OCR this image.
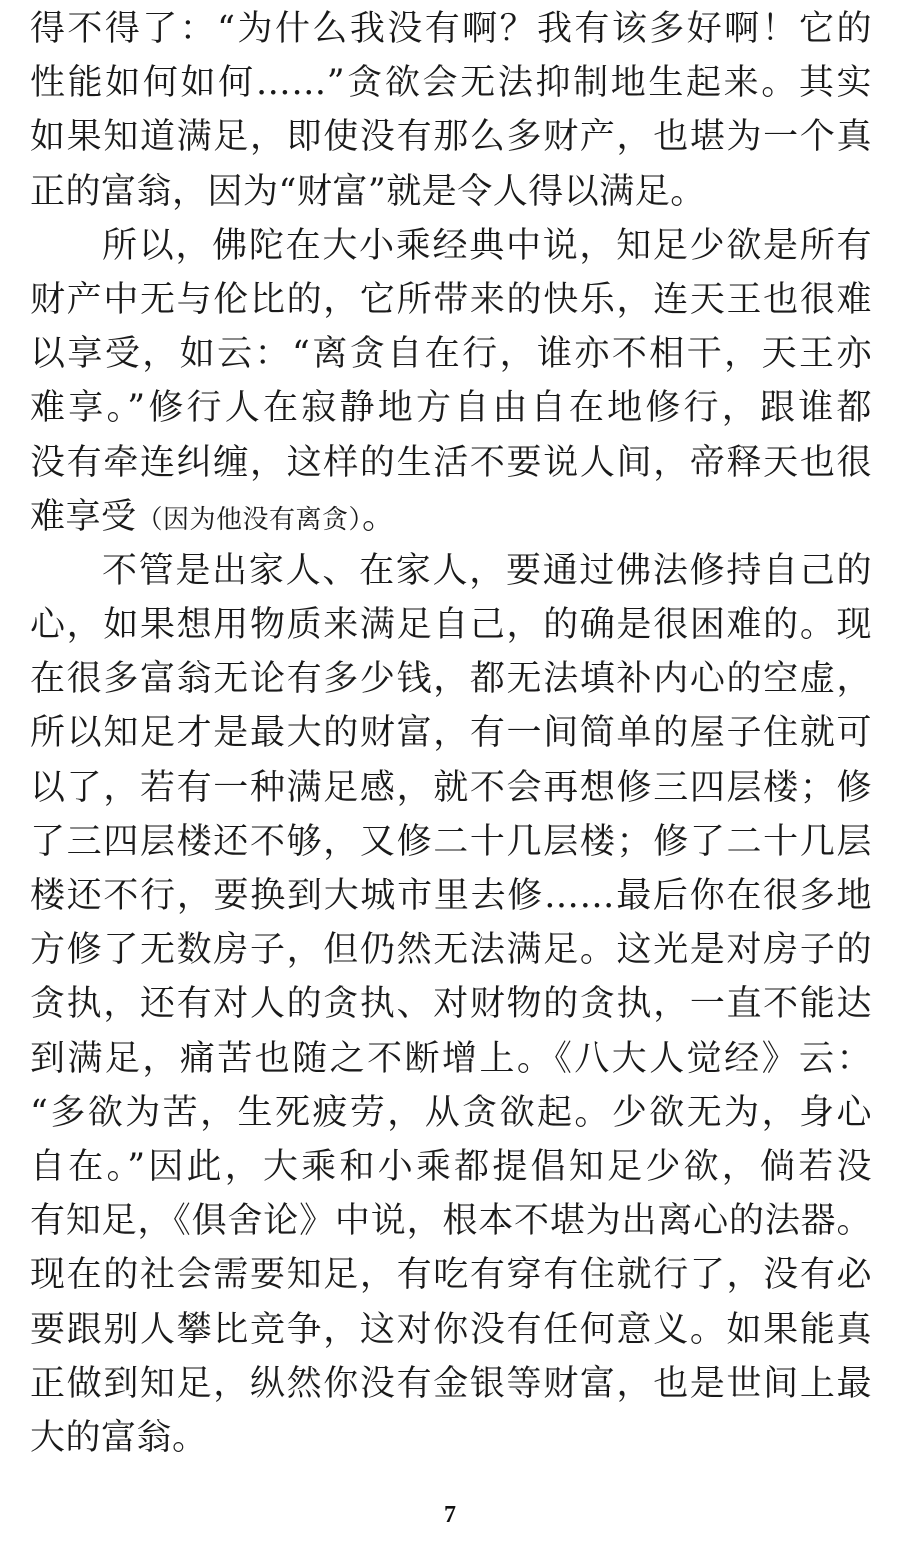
得不得了：“为什么我没有啊？我有该多好啊！它的
性能如何如何……”贪欲会无法抑制地生起来。其实
如果知道满足，即使没有那么多财产，也堪为一个真
正的富翁，因为“财富”就是令人得以满足。
所以，佛陀在大小乘经典中说，知足少欲是所有
财产中无与伦比的，它所带来的快乐，连天王也很难
以享受，如云：“离贪自在行，谁亦不相干，天王亦
难享。”修行人在寂静地方自由自在地修行，跟谁都
没有牵连纠缠，这样的生活不要说人间，帝释天也很
难享受（因为他没有离贪）。
不管是出家人、在家人，要通过佛法修持自己的
心，如果想用物质来满足自己，的确是很困难的。现
在很多富翁无论有多少钱，都无法填补内心的空虚，
所以知足才是最大的财富，有一间简单的屋子住就可
以了，若有一种满足感，就不会再想修三四层楼；修
了三四层楼还不够，又修二十几层楼；修了二十几层
楼还不行，要换到大城市里去修……最后你在很多地
方修了无数房子，但仍然无法满足。这光是对房子的
贪执，还有对人的贪执、对财物的贪执，一直不能达
到满足，痛苦也随之不断增上。《八大人觉经》云：
“多欲为苦，生死疲劳，从贪欲起。少欲无为，身心
自在。”因此，大乘和小乘都提倡知足少欲，倘若没
有知足，《俱舍论》中说，根本不堪为出离心的法器。
现在的社会需要知足，有吃有穿有住就行了，没有必
要跟别人攀比竞争，这对你没有任何意义。如果能真
正做到知足，纵然你没有金银等财富，也是世间上最
大的富翁。
7
